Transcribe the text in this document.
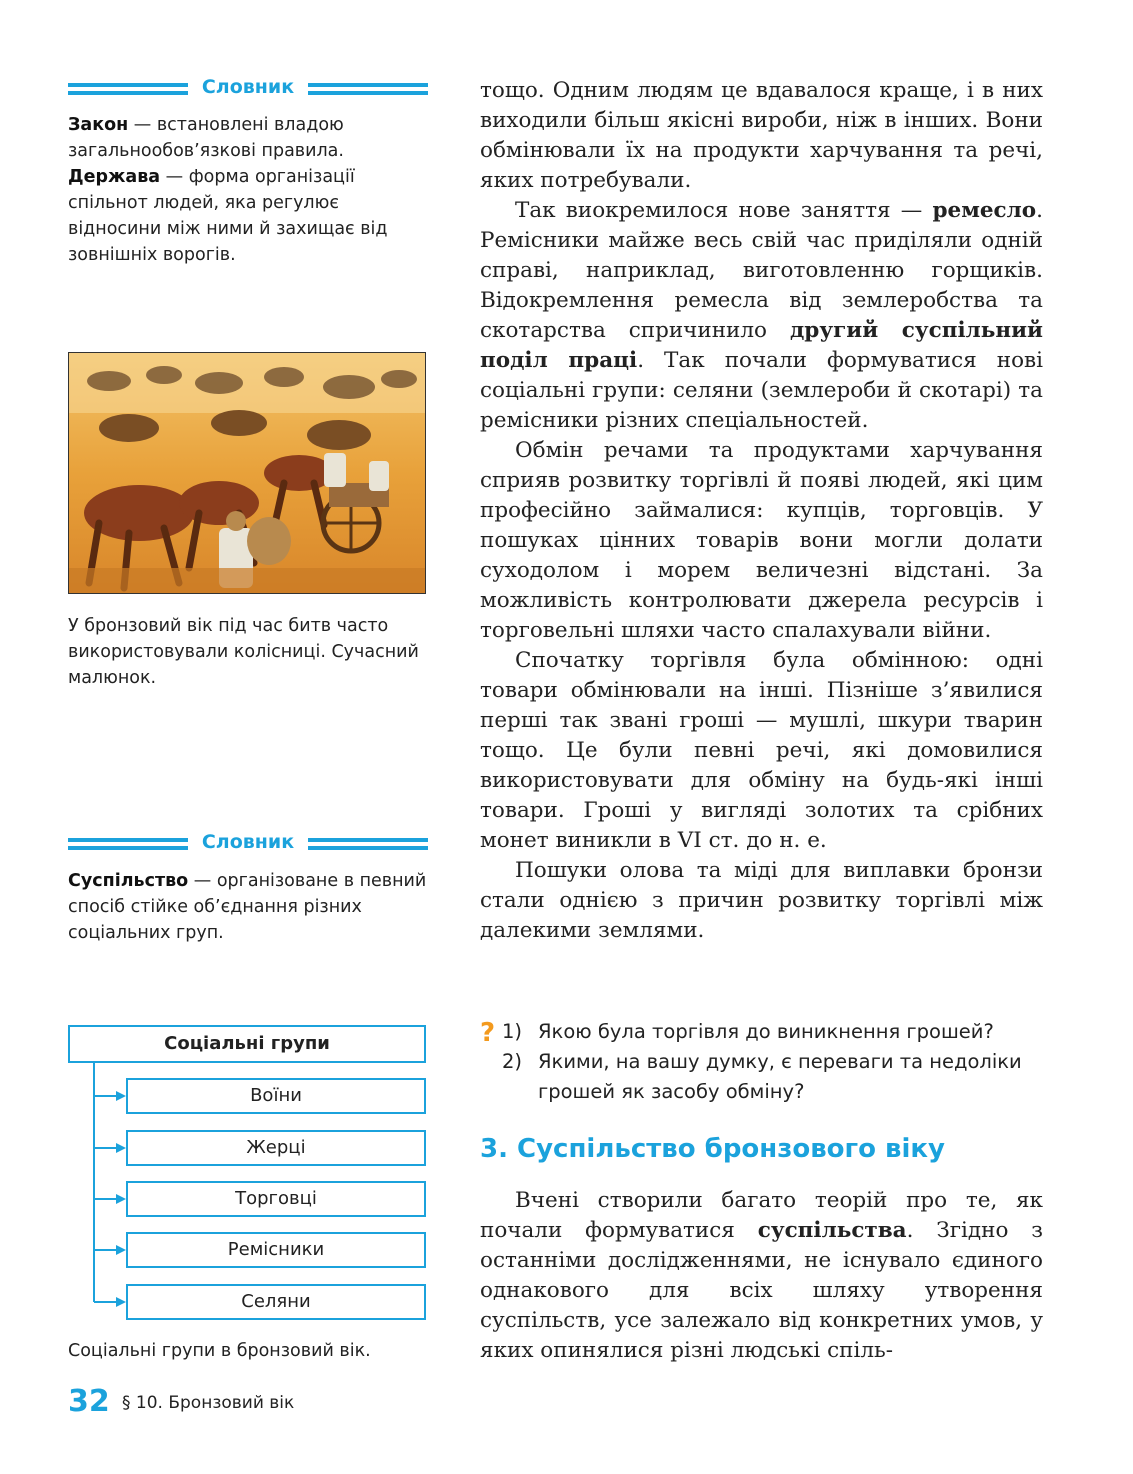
Словник
Закон — встановлені владою загальнообов’язкові правила.
Держава — форма організації спільнот людей, яка регулює відносини між ними й захищає від зовнішніх ворогів.
У бронзовий вік під час битв часто використовували колісниці. Сучасний малюнок.
Словник
Суспільство — організоване в певний спосіб стійке об’єднання різних соціальних груп.
Соціальні групи
Воїни
Жерці
Торговці
Ремісники
Селяни
Соціальні групи в бронзовий вік.

тощо. Одним людям це вдавалося краще, і в них виходили більш якісні вироби, ніж в інших. Вони обмінювали їх на продукти харчування та речі, яких потребували.

Так виокремилося нове заняття — ремесло. Ремісники майже весь свій час приділяли одній справі, наприклад, виготовленню горщиків. Відокремлення ремесла від землеробства та скотарства спричинило другий суспільний поділ праці. Так почали формуватися нові соціальні групи: селяни (землероби й скотарі) та ремісники різних спеціальностей.

Обмін речами та продуктами харчування сприяв розвитку торгівлі й появі людей, які цим професійно займалися: купців, торговців. У пошуках цінних товарів вони могли долати суходолом і морем величезні відстані. За можливість контролювати джерела ресурсів і торговельні шляхи часто спалахували війни.

Спочатку торгівля була обмінною: одні товари обмінювали на інші. Пізніше з’явилися перші так звані гроші — мушлі, шкури тварин тощо. Це були певні речі, які домовилися використовувати для обміну на будь-які інші товари. Гроші у вигляді золотих та срібних монет виникли в VI ст. до н. е.

Пошуки олова та міді для виплавки бронзи стали однією з причин розвитку торгівлі між далекими землями.

? 1) Якою була торгівля до виникнення грошей?
2) Якими, на вашу думку, є переваги та недоліки грошей як засобу обміну?
3. Суспільство бронзового віку

Вчені створили багато теорій про те, як почали формуватися суспільства. Згідно з останніми дослідженнями, не існувало єдиного однакового для всіх шляху утворення суспільств, усе залежало від конкретних умов, у яких опинялися різні людські спіль-

32 § 10. Бронзовий вік
